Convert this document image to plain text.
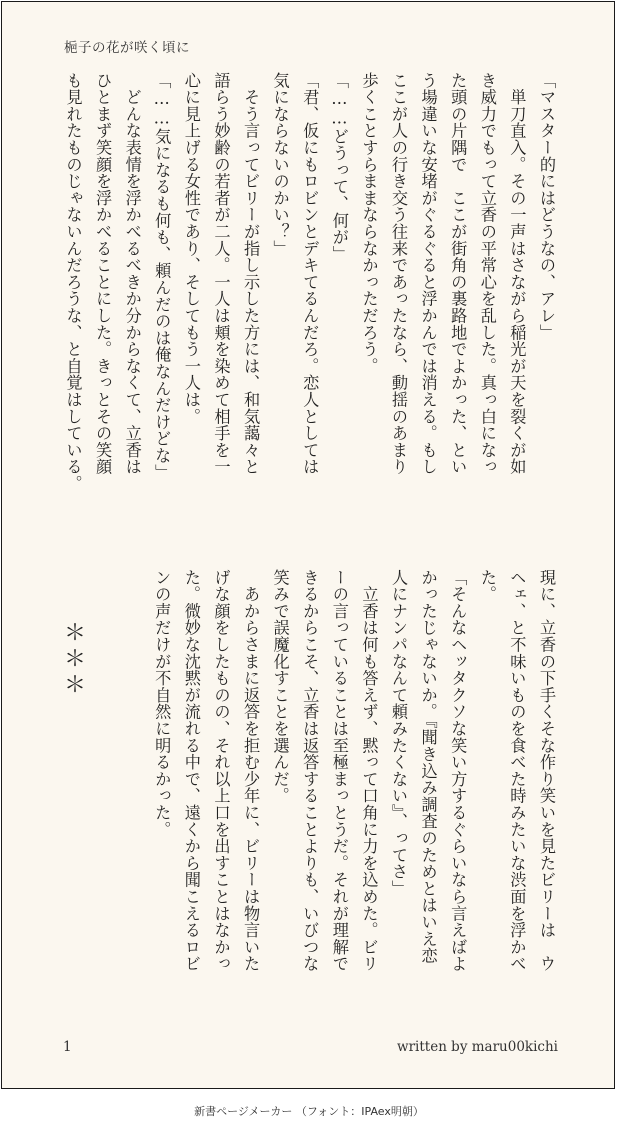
梔子の花が咲く頃に
「マスター的にはどうなの、アレ」
　単刀直入。その一声はさながら稲光が天を裂くが如
き威力でもって立香の平常心を乱した。真っ白になっ
た頭の片隅で　ここが街角の裏路地でよかった、とい
う場違いな安堵がぐるぐると浮かんでは消える。もし
ここが人の行き交う往来であったなら、動揺のあまり
歩くことすらままならなかっただろう。
「……どうって、何が」
「君、仮にもロビンとデキてるんだろ。恋人としては
気にならないのかい？」
　そう言ってビリーが指し示した方には、和気藹々と
語らう妙齢の若者が二人。一人は頬を染めて相手を一
心に見上げる女性であり、そしてもう一人は。
「……気になるも何も、頼んだのは俺なんだけどな」
　どんな表情を浮かべるべきか分からなくて、立香は
ひとまず笑顔を浮かべることにした。きっとその笑顔
も見れたものじゃないんだろうな、と自覚はしている。
現に、立香の下手くそな作り笑いを見たビリーは　ウ
ヘェ、と不味いものを食べた時みたいな渋面を浮かべ
た。
「そんなヘッタクソな笑い方するぐらいなら言えばよ
かったじゃないか。『聞き込み調査のためとはいえ恋
人にナンパなんて頼みたくない』、ってさ」
　立香は何も答えず、黙って口角に力を込めた。ビリ
ーの言っていることは至極まっとうだ。それが理解で
きるからこそ、立香は返答することよりも、いびつな
笑みで誤魔化すことを選んだ。
　あからさまに返答を拒む少年に、ビリーは物言いた
げな顔をしたものの、それ以上口を出すことはなかっ
た。微妙な沈黙が流れる中で、遠くから聞こえるロビ
ンの声だけが不自然に明るかった。
　　＊＊＊
1	written by maru00kichi
新書ページメーカー （フォント：IPAex明朝）
